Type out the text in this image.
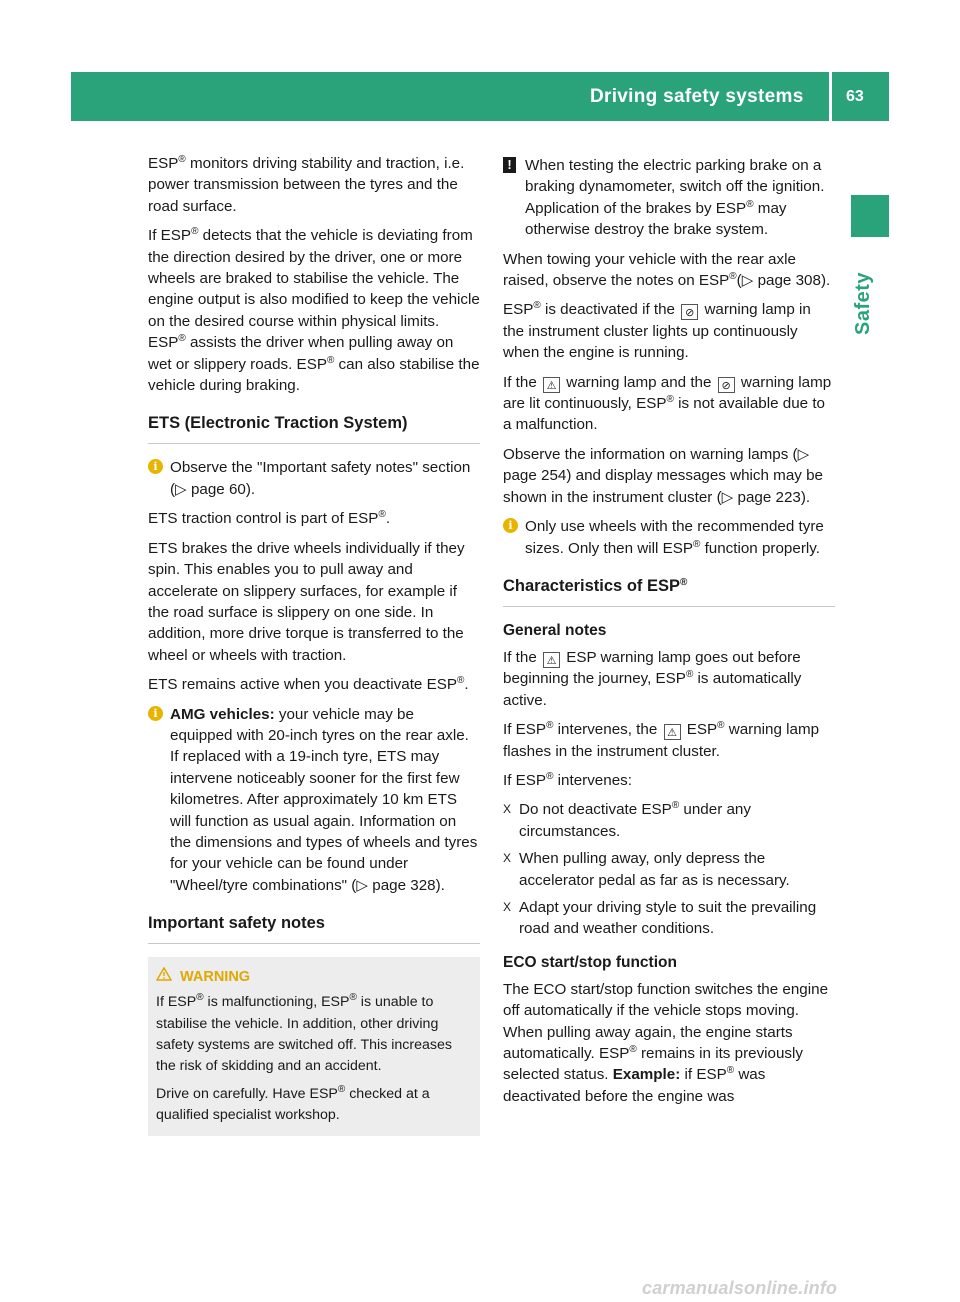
Driving safety systems	63
Safety

ESP® monitors driving stability and traction, i.e. power transmission between the tyres and the road surface.

If ESP® detects that the vehicle is deviating from the direction desired by the driver, one or more wheels are braked to stabilise the vehicle. The engine output is also modified to keep the vehicle on the desired course within physical limits. ESP® assists the driver when pulling away on wet or slippery roads. ESP® can also stabilise the vehicle during braking.

ETS (Electronic Traction System)
i Observe the "Important safety notes" section (▷ page 60).

ETS traction control is part of ESP®.

ETS brakes the drive wheels individually if they spin. This enables you to pull away and accelerate on slippery surfaces, for example if the road surface is slippery on one side. In addition, more drive torque is transferred to the wheel or wheels with traction.

ETS remains active when you deactivate ESP®.

i AMG vehicles: your vehicle may be equipped with 20-inch tyres on the rear axle. If replaced with a 19-inch tyre, ETS may intervene noticeably sooner for the first few kilometres. After approximately 10 km ETS will function as usual again. Information on the dimensions and types of wheels and tyres for your vehicle can be found under "Wheel/tyre combinations" (▷ page 328).
Important safety notes
WARNING

If ESP® is malfunctioning, ESP® is unable to stabilise the vehicle. In addition, other driving safety systems are switched off. This increases the risk of skidding and an accident.

Drive on carefully. Have ESP® checked at a qualified specialist workshop.

! When testing the electric parking brake on a braking dynamometer, switch off the ignition. Application of the brakes by ESP® may otherwise destroy the brake system.

When towing your vehicle with the rear axle raised, observe the notes on ESP®(▷ page 308).

ESP® is deactivated if the ⊘ warning lamp in the instrument cluster lights up continuously when the engine is running.

If the ⚠ warning lamp and the ⊘ warning lamp are lit continuously, ESP® is not available due to a malfunction.

Observe the information on warning lamps (▷ page 254) and display messages which may be shown in the instrument cluster (▷ page 223).

i Only use wheels with the recommended tyre sizes. Only then will ESP® function properly.
Characteristics of ESP®
General notes

If the ⚠ ESP warning lamp goes out before beginning the journey, ESP® is automatically active.

If ESP® intervenes, the ⚠ ESP® warning lamp flashes in the instrument cluster.

If ESP® intervenes:

X Do not deactivate ESP® under any circumstances.
X When pulling away, only depress the accelerator pedal as far as is necessary.
X Adapt your driving style to suit the prevailing road and weather conditions.
ECO start/stop function

The ECO start/stop function switches the engine off automatically if the vehicle stops moving. When pulling away again, the engine starts automatically. ESP® remains in its previously selected status. Example: if ESP® was deactivated before the engine was

carmanualsonline.info
